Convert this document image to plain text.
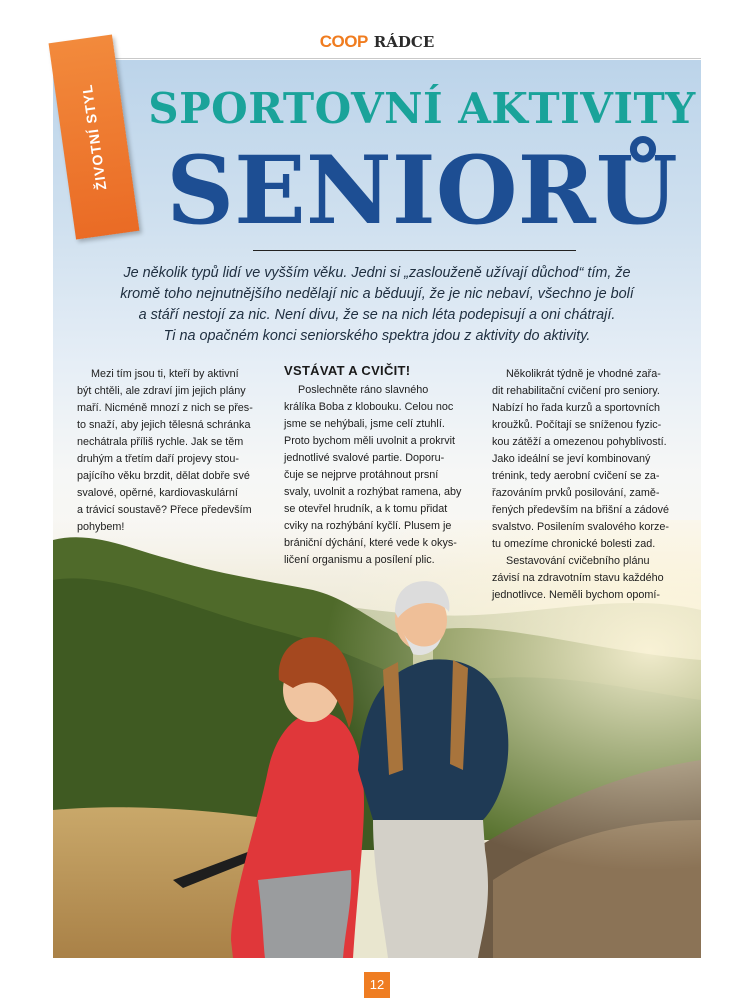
COOP RÁDCE
ŽIVOTNÍ STYL SPORTOVNÍ AKTIVITY
SENIORŮ

Je několik typů lidí ve vyšším věku. Jedni si „zaslouženě užívají důchod“ tím, že
kromě toho nejnutnějšího nedělají nic a běduují, že je nic nebaví, všechno je bolí
a stáří nestojí za nic. Není divu, že se na nich léta podepisují a oni chátrají.
Ti na opačném konci seniorského spektra jdou z aktivity do aktivity.

Mezi tím jsou ti, kteří by aktivní
být chtěli, ale zdraví jim jejich plány
maří. Nicméně mnozí z nich se přes-
to snaží, aby jejich tělesná schránka
nechátrala příliš rychle. Jak se těm
druhým a třetím daří projevy stou-
pajícího věku brzdit, dělat dobře své
svalové, opěrné, kardiovaskulární
a trávicí soustavě? Přece především
pohybem!

VSTÁVAT A CVIČIT!

Poslechněte ráno slavného
králíka Boba z klobouku. Celou noc
jsme se nehýbali, jsme celí ztuhlí.
Proto bychom měli uvolnit a prokrvit
jednotlivé svalové partie. Doporu-
čuje se nejprve protáhnout prsní
svaly, uvolnit a rozhýbat ramena, aby
se otevřel hrudník, a k tomu přidat
cviky na rozhýbání kyčlí. Plusem je
brániční dýchání, které vede k okys-
ličení organismu a posílení plic.

Několikrát týdně je vhodné zařa-
dit rehabilitační cvičení pro seniory.
Nabízí ho řada kurzů a sportovních
kroužků. Počítají se sníženou fyzic-
kou zátěží a omezenou pohyblivostí.
Jako ideální se jeví kombinovaný
trénink, tedy aerobní cvičení se za-
řazováním prvků posilování, zamě-
řených především na břišní a zádové
svalstvo. Posilením svalového korze-
tu omezíme chronické bolesti zad.

Sestavování cvičebního plánu
závisí na zdravotním stavu každého
jednotlivce. Neměli bychom opomí-

12
